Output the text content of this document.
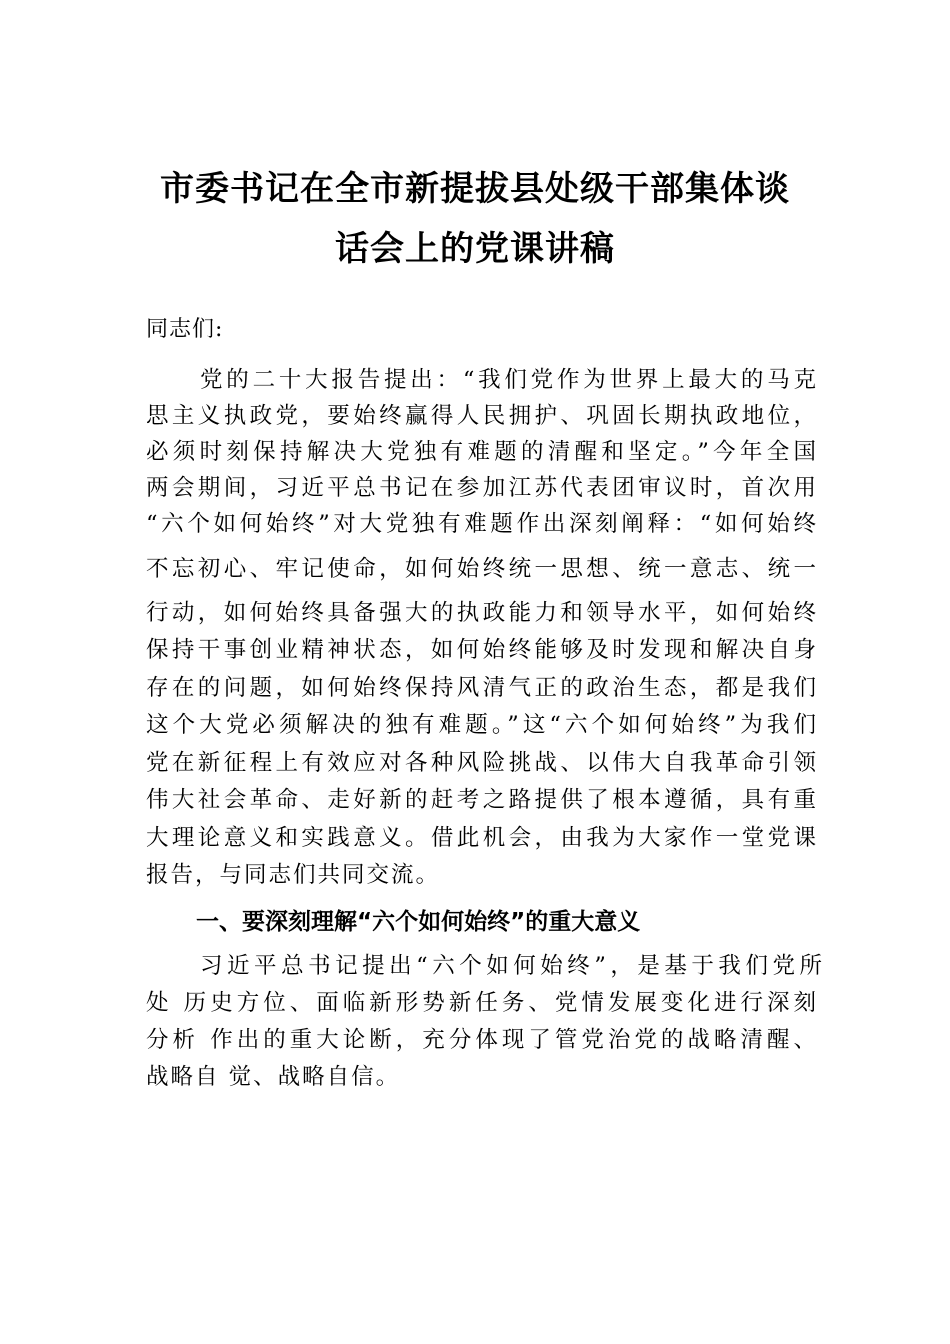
市委书记在全市新提拔县处级干部集体谈
话会上的党课讲稿
同志们:
党的二十大报告提出：“我们党作为世界上最大的马克
思主义执政党，要始终赢得人民拥护、巩固长期执政地位，
必须时刻保持解决大党独有难题的清醒和坚定。”今年全国
两会期间，习近平总书记在参加江苏代表团审议时，首次用
“六个如何始终”对大党独有难题作出深刻阐释：“如何始终
不忘初心、牢记使命，如何始终统一思想、统一意志、统一
行动，如何始终具备强大的执政能力和领导水平，如何始终
保持干事创业精神状态，如何始终能够及时发现和解决自身
存在的问题，如何始终保持风清气正的政治生态，都是我们
这个大党必须解决的独有难题。”这“六个如何始终”为我们
党在新征程上有效应对各种风险挑战、以伟大自我革命引领
伟大社会革命、走好新的赶考之路提供了根本遵循，具有重
大理论意义和实践意义。借此机会，由我为大家作一堂党课
报告，与同志们共同交流。
一、要深刻理解“六个如何始终”的重大意义
习近平总书记提出“六个如何始终”，是基于我们党所
处 历史方位、面临新形势新任务、党情发展变化进行深刻
分析 作出的重大论断，充分体现了管党治党的战略清醒、
战略自 觉、战略自信。
